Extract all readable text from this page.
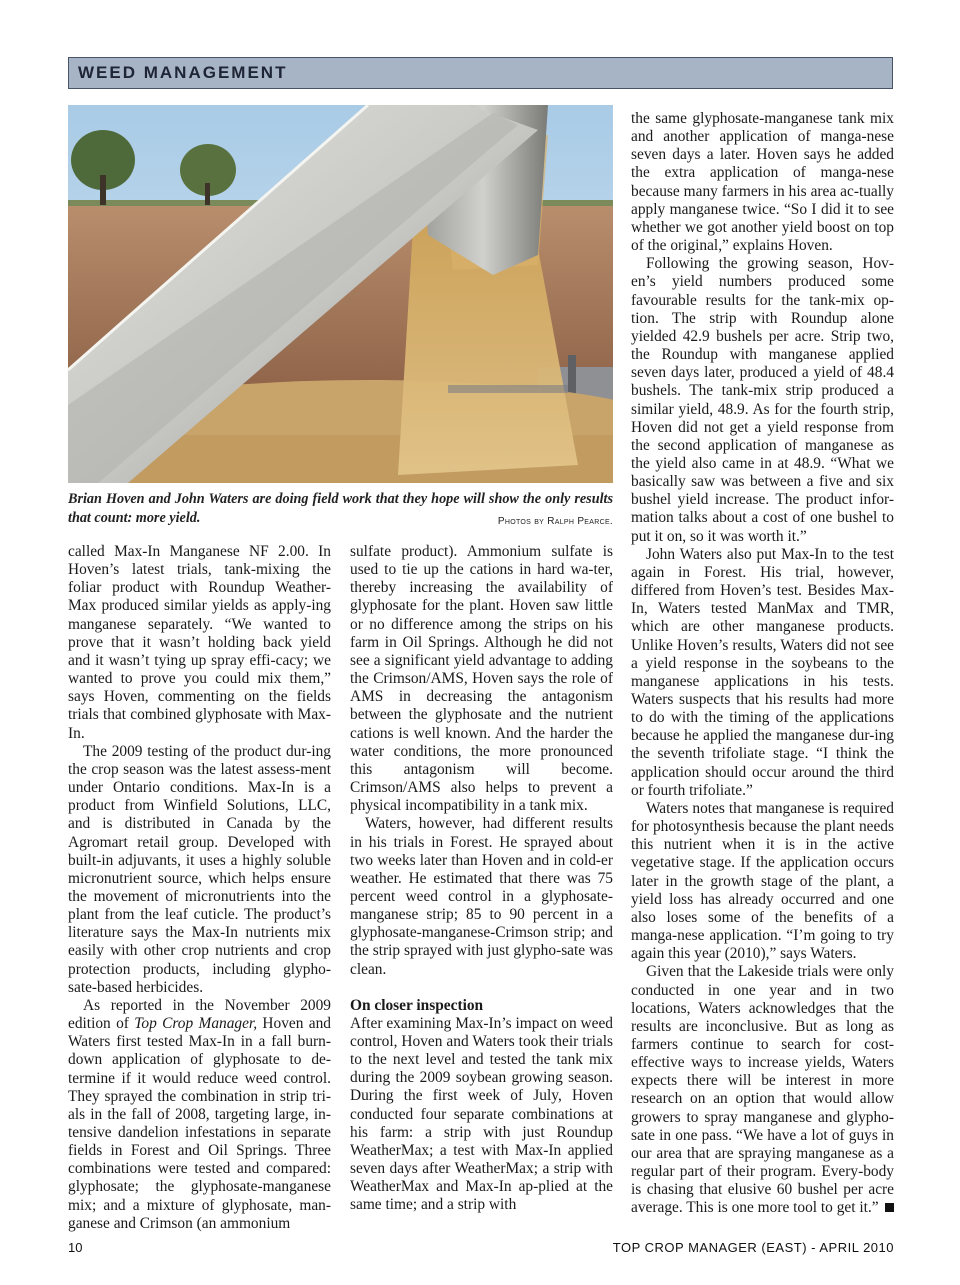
WEED MANAGEMENT
Brian Hoven and John Waters are doing field work that they hope will show the only results that count: more yield.	Photos by Ralph Pearce.

called Max-In Manganese NF 2.00. In Hoven’s latest trials, tank-mixing the foliar product with Roundup Weather-Max produced similar yields as apply-ing manganese separately. “We wanted to prove that it wasn’t holding back yield and it wasn’t tying up spray effi-cacy; we wanted to prove you could mix them,” says Hoven, commenting on the fields trials that combined glyphosate with Max-In.

The 2009 testing of the product dur-ing the crop season was the latest assess-ment under Ontario conditions. Max-In is a product from Winfield Solutions, LLC, and is distributed in Canada by the Agromart retail group. Developed with built-in adjuvants, it uses a highly soluble micronutrient source, which helps ensure the movement of micronutrients into the plant from the leaf cuticle. The product’s literature says the Max-In nutrients mix easily with other crop nutrients and crop protection products, including glypho-sate-based herbicides.

As reported in the November 2009 edition of Top Crop Manager, Hoven and Waters first tested Max-In in a fall burn-down application of glyphosate to de-termine if it would reduce weed control. They sprayed the combination in strip tri-als in the fall of 2008, targeting large, in-tensive dandelion infestations in separate fields in Forest and Oil Springs. Three combinations were tested and compared: glyphosate; the glyphosate-manganese mix; and a mixture of glyphosate, man-ganese and Crimson (an ammonium

sulfate product). Ammonium sulfate is used to tie up the cations in hard wa-ter, thereby increasing the availability of glyphosate for the plant. Hoven saw little or no difference among the strips on his farm in Oil Springs. Although he did not see a significant yield advantage to adding the Crimson/AMS, Hoven says the role of AMS in decreasing the antagonism between the glyphosate and the nutrient cations is well known. And the harder the water conditions, the more pronounced this antagonism will become. Crimson/AMS also helps to prevent a physical incompatibility in a tank mix.

Waters, however, had different results in his trials in Forest. He sprayed about two weeks later than Hoven and in cold-er weather. He estimated that there was 75 percent weed control in a glyphosate-manganese strip; 85 to 90 percent in a glyphosate-manganese-Crimson strip; and the strip sprayed with just glypho-sate was clean.

On closer inspection

After examining Max-In’s impact on weed control, Hoven and Waters took their trials to the next level and tested the tank mix during the 2009 soybean growing season. During the first week of July, Hoven conducted four separate combinations at his farm: a strip with just Roundup WeatherMax; a test with Max-In applied seven days after WeatherMax; a strip with WeatherMax and Max-In ap-plied at the same time; and a strip with

the same glyphosate-manganese tank mix and another application of manga-nese seven days a later. Hoven says he added the extra application of manga-nese because many farmers in his area ac-tually apply manganese twice. “So I did it to see whether we got another yield boost on top of the original,” explains Hoven.

Following the growing season, Hov-en’s yield numbers produced some favourable results for the tank-mix op-tion. The strip with Roundup alone yielded 42.9 bushels per acre. Strip two, the Roundup with manganese applied seven days later, produced a yield of 48.4 bushels. The tank-mix strip produced a similar yield, 48.9. As for the fourth strip, Hoven did not get a yield response from the second application of manganese as the yield also came in at 48.9. “What we basically saw was between a five and six bushel yield increase. The product infor-mation talks about a cost of one bushel to put it on, so it was worth it.”

John Waters also put Max-In to the test again in Forest. His trial, however, differed from Hoven’s test. Besides Max-In, Waters tested ManMax and TMR, which are other manganese products. Unlike Hoven’s results, Waters did not see a yield response in the soybeans to the manganese applications in his tests. Waters suspects that his results had more to do with the timing of the applications because he applied the manganese dur-ing the seventh trifoliate stage. “I think the application should occur around the third or fourth trifoliate.”

Waters notes that manganese is required for photosynthesis because the plant needs this nutrient when it is in the active vegetative stage. If the application occurs later in the growth stage of the plant, a yield loss has already occurred and one also loses some of the benefits of a manga-nese application. “I’m going to try again this year (2010),” says Waters.

Given that the Lakeside trials were only conducted in one year and in two locations, Waters acknowledges that the results are inconclusive. But as long as farmers continue to search for cost-effective ways to increase yields, Waters expects there will be interest in more research on an option that would allow growers to spray manganese and glypho-sate in one pass. “We have a lot of guys in our area that are spraying manganese as a regular part of their program. Every-body is chasing that elusive 60 bushel per acre average. This is one more tool to get it.”

10	TOP CROP MANAGER (EAST) - APRIL 2010
